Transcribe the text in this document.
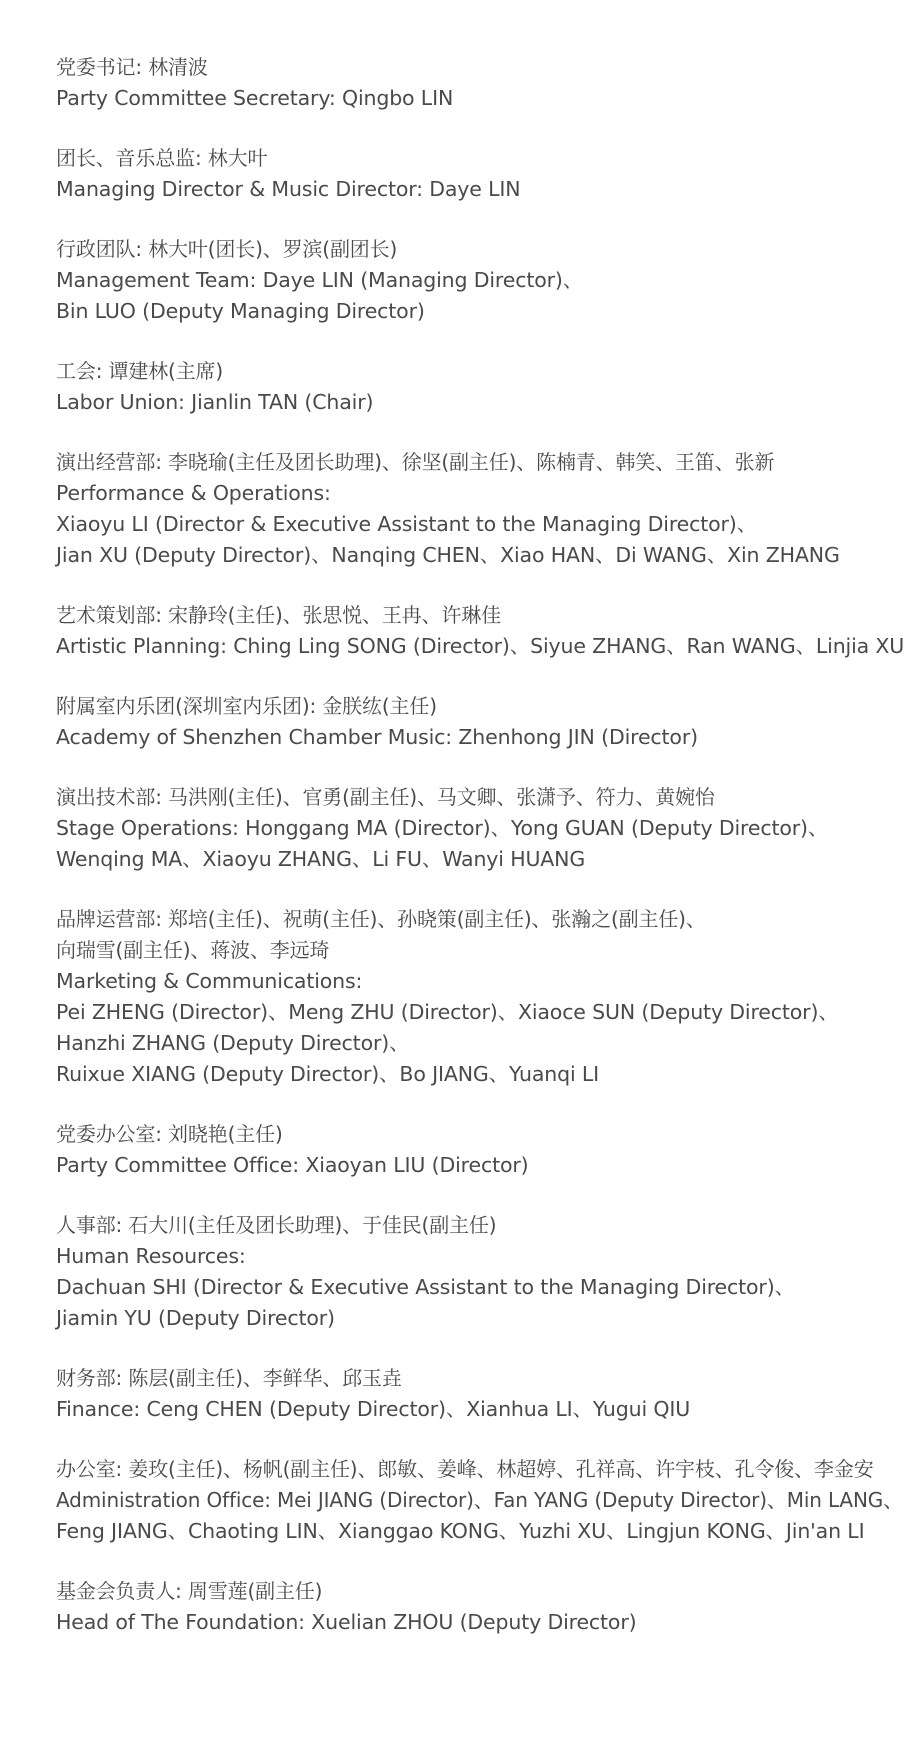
党委书记: 林清波
Party Committee Secretary: Qingbo LIN
团长、音乐总监: 林大叶
Managing Director & Music Director: Daye LIN
行政团队: 林大叶(团长)、罗滨(副团长)
Management Team: Daye LIN (Managing Director)、
Bin LUO (Deputy Managing Director)
工会: 谭建林(主席)
Labor Union: Jianlin TAN (Chair)
演出经营部: 李晓瑜(主任及团长助理)、徐坚(副主任)、陈楠青、韩笑、王笛、张新
Performance & Operations:
Xiaoyu LI (Director & Executive Assistant to the Managing Director)、
Jian XU (Deputy Director)、Nanqing CHEN、Xiao HAN、Di WANG、Xin ZHANG
艺术策划部: 宋静玲(主任)、张思悦、王冉、许琳佳
Artistic Planning: Ching Ling SONG (Director)、Siyue ZHANG、Ran WANG、Linjia XU
附属室内乐团(深圳室内乐团): 金朕纮(主任)
Academy of Shenzhen Chamber Music: Zhenhong JIN (Director)
演出技术部: 马洪刚(主任)、官勇(副主任)、马文卿、张潇予、符力、黄婉怡
Stage Operations: Honggang MA (Director)、Yong GUAN (Deputy Director)、
Wenqing MA、Xiaoyu ZHANG、Li FU、Wanyi HUANG
品牌运营部: 郑培(主任)、祝萌(主任)、孙晓策(副主任)、张瀚之(副主任)、
向瑞雪(副主任)、蒋波、李远琦
Marketing & Communications:
Pei ZHENG (Director)、Meng ZHU (Director)、Xiaoce SUN (Deputy Director)、
Hanzhi ZHANG (Deputy Director)、
Ruixue XIANG (Deputy Director)、Bo JIANG、Yuanqi LI
党委办公室: 刘晓艳(主任)
Party Committee Office: Xiaoyan LIU (Director)
人事部: 石大川(主任及团长助理)、于佳民(副主任)
Human Resources:
Dachuan SHI (Director & Executive Assistant to the Managing Director)、
Jiamin YU (Deputy Director)
财务部: 陈层(副主任)、李鲜华、邱玉垚
Finance: Ceng CHEN (Deputy Director)、Xianhua LI、Yugui QIU
办公室: 姜玫(主任)、杨帆(副主任)、郎敏、姜峰、林超婷、孔祥高、许宇枝、孔令俊、李金安
Administration Office: Mei JIANG (Director)、Fan YANG (Deputy Director)、Min LANG、
Feng JIANG、Chaoting LIN、Xianggao KONG、Yuzhi XU、Lingjun KONG、Jin'an LI
基金会负责人: 周雪莲(副主任)
Head of The Foundation: Xuelian ZHOU (Deputy Director)
